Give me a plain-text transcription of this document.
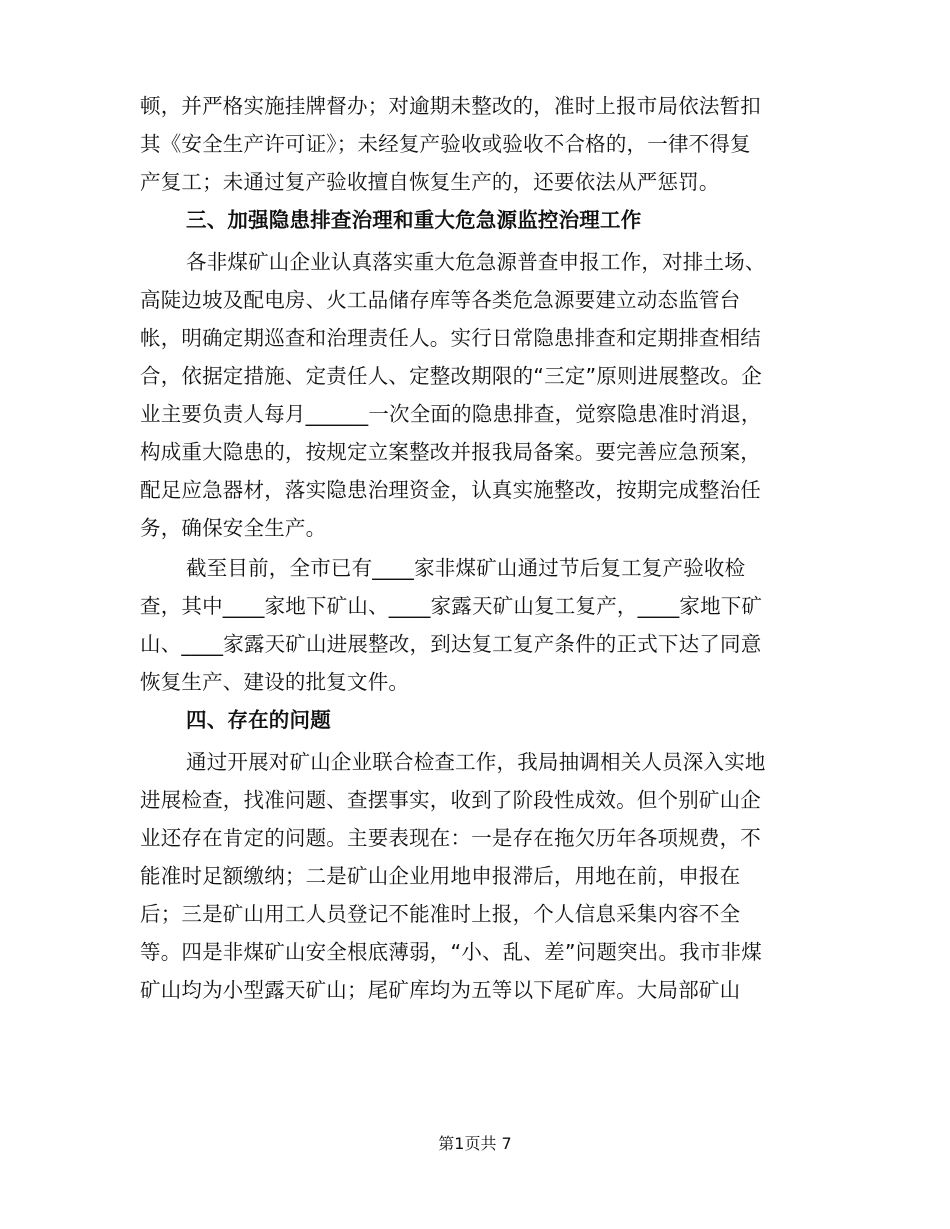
顿，并严格实施挂牌督办；对逾期未整改的，准时上报市局依法暂扣
其《安全生产许可证》；未经复产验收或验收不合格的，一律不得复
产复工；未通过复产验收擅自恢复生产的，还要依法从严惩罚。
三、加强隐患排查治理和重大危急源监控治理工作
各非煤矿山企业认真落实重大危急源普查申报工作，对排土场、
高陡边坡及配电房、火工品储存库等各类危急源要建立动态监管台
帐，明确定期巡查和治理责任人。实行日常隐患排查和定期排查相结
合，依据定措施、定责任人、定整改期限的“三定”原则进展整改。企
业主要负责人每月______一次全面的隐患排查，觉察隐患准时消退，
构成重大隐患的，按规定立案整改并报我局备案。要完善应急预案，
配足应急器材，落实隐患治理资金，认真实施整改，按期完成整治任
务，确保安全生产。
截至目前，全市已有____家非煤矿山通过节后复工复产验收检
查，其中____家地下矿山、____家露天矿山复工复产，____家地下矿
山、____家露天矿山进展整改，到达复工复产条件的正式下达了同意
恢复生产、建设的批复文件。
四、存在的问题
通过开展对矿山企业联合检查工作，我局抽调相关人员深入实地
进展检查，找准问题、查摆事实，收到了阶段性成效。但个别矿山企
业还存在肯定的问题。主要表现在：一是存在拖欠历年各项规费，不
能准时足额缴纳；二是矿山企业用地申报滞后，用地在前，申报在
后；三是矿山用工人员登记不能准时上报，个人信息采集内容不全
等。四是非煤矿山安全根底薄弱，“小、乱、差”问题突出。我市非煤
矿山均为小型露天矿山；尾矿库均为五等以下尾矿库。大局部矿山
第1页共 7
